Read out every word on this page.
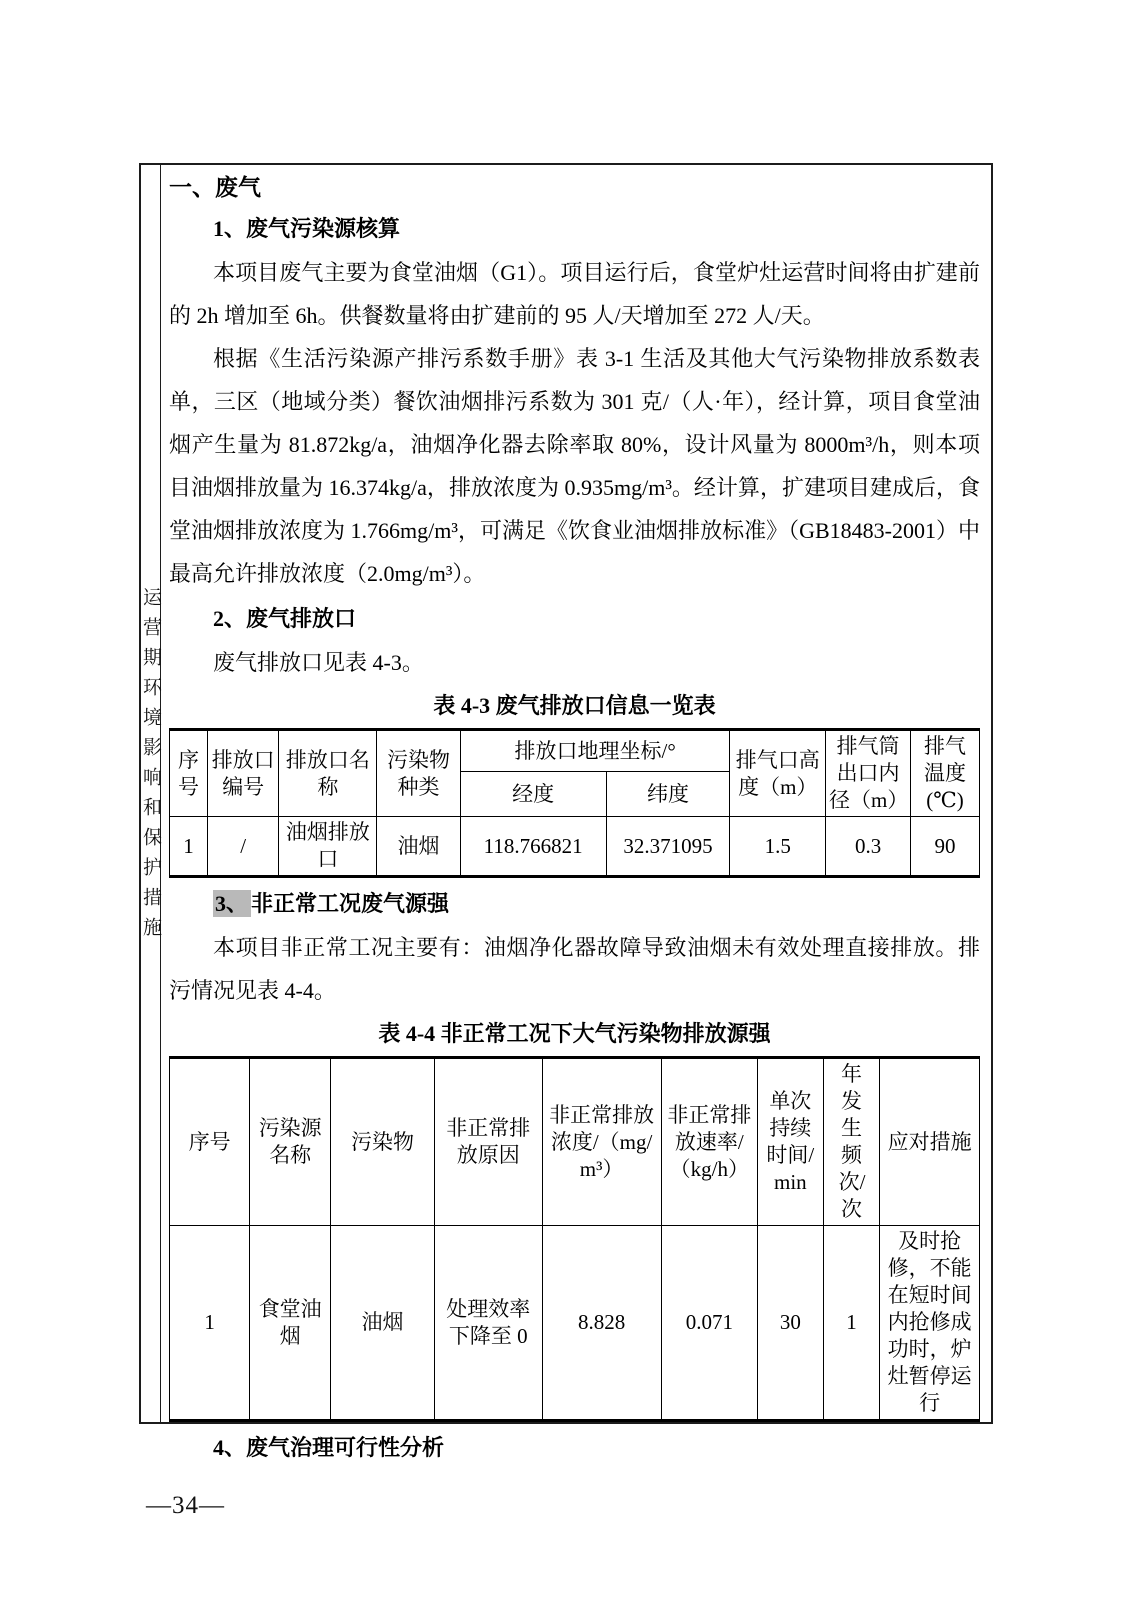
运营期环境影响和保护措施
一、废气
1、废气污染源核算

本项目废气主要为食堂油烟（G1）。项目运行后，食堂炉灶运营时间将由扩建前的 2h 增加至 6h。供餐数量将由扩建前的 95 人/天增加至 272 人/天。

根据《生活污染源产排污系数手册》表 3-1 生活及其他大气污染物排放系数表单，三区（地域分类）餐饮油烟排污系数为 301 克/（人·年），经计算，项目食堂油烟产生量为 81.872kg/a，油烟净化器去除率取 80%，设计风量为 8000m³/h，则本项目油烟排放量为 16.374kg/a，排放浓度为 0.935mg/m³。经计算，扩建项目建成后，食堂油烟排放浓度为 1.766mg/m³，可满足《饮食业油烟排放标准》（GB18483-2001）中最高允许排放浓度（2.0mg/m³）。

2、废气排放口

废气排放口见表 4-3。

表 4-3 废气排放口信息一览表
序号	排放口编号	排放口名称	污染物种类	排放口地理坐标/°		排气口高度（m）	排气筒出口内径（m）	排气温度(℃)
				经度	纬度			
1	/	油烟排放口	油烟	118.766821	32.371095	1.5	0.3	90
3、 非正常工况废气源强

本项目非正常工况主要有：油烟净化器故障导致油烟未有效处理直接排放。排污情况见表 4-4。

表 4-4 非正常工况下大气污染物排放源强
序号	污染源名称	污染物	非正常排放原因	非正常排放浓度/（mg/m³）	非正常排放速率/（kg/h）	单次持续时间/min	年发生频次/次	应对措施
1	食堂油烟	油烟	处理效率下降至 0	8.828	0.071	30	1	及时抢修，不能在短时间内抢修成功时，炉灶暂停运行
4、废气治理可行性分析
—34—
